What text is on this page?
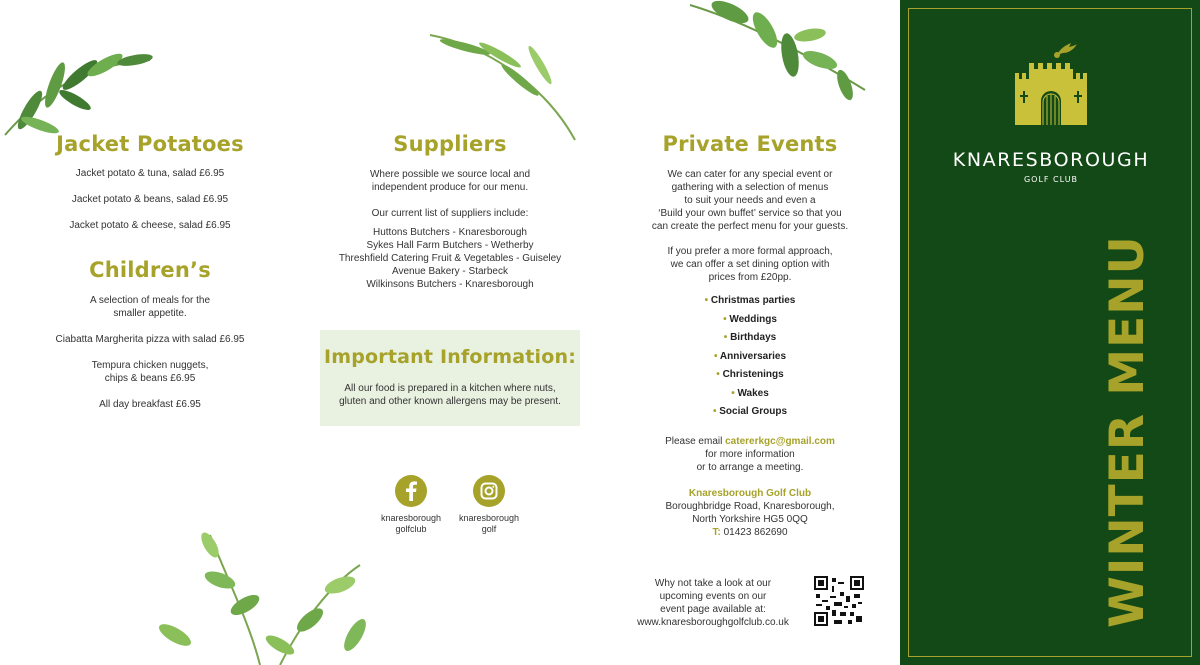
Jacket Potatoes
Jacket potato & tuna, salad £6.95
Jacket potato & beans, salad £6.95
Jacket potato & cheese, salad £6.95
Children’s
A selection of meals for the
smaller appetite.
Ciabatta Margherita pizza with salad £6.95
Tempura chicken nuggets,
chips & beans £6.95
All day breakfast £6.95
Suppliers
Where possible we source local and
independent produce for our menu.
Our current list of suppliers include:
Huttons Butchers - Knaresborough
Sykes Hall Farm Butchers - Wetherby
Threshfield Catering Fruit & Vegetables - Guiseley
Avenue Bakery - Starbeck
Wilkinsons Butchers - Knaresborough
Important Information:
All our food is prepared in a kitchen where nuts,
gluten and other known allergens may be present.
knaresborough
golfclub
knaresborough
golf
Private Events
We can cater for any special event or
gathering with a selection of menus
to suit your needs and even a
‘Build your own buffet’ service so that you
can create the perfect menu for your guests.
If you prefer a more formal approach,
we can offer a set dining option with
prices from £20pp.
• Christmas parties
• Weddings
• Birthdays
• Anniversaries
• Christenings
• Wakes
• Social Groups
Please email catererkgc@gmail.com
for more information
or to arrange a meeting.
Knaresborough Golf Club
Boroughbridge Road, Knaresborough,
North Yorkshire HG5 0QQ
T: 01423 862690
Why not take a look at our
upcoming events on our
event page available at:
www.knaresboroughgolfclub.co.uk
KNARESBOROUGH
GOLF CLUB
WINTER MENU
